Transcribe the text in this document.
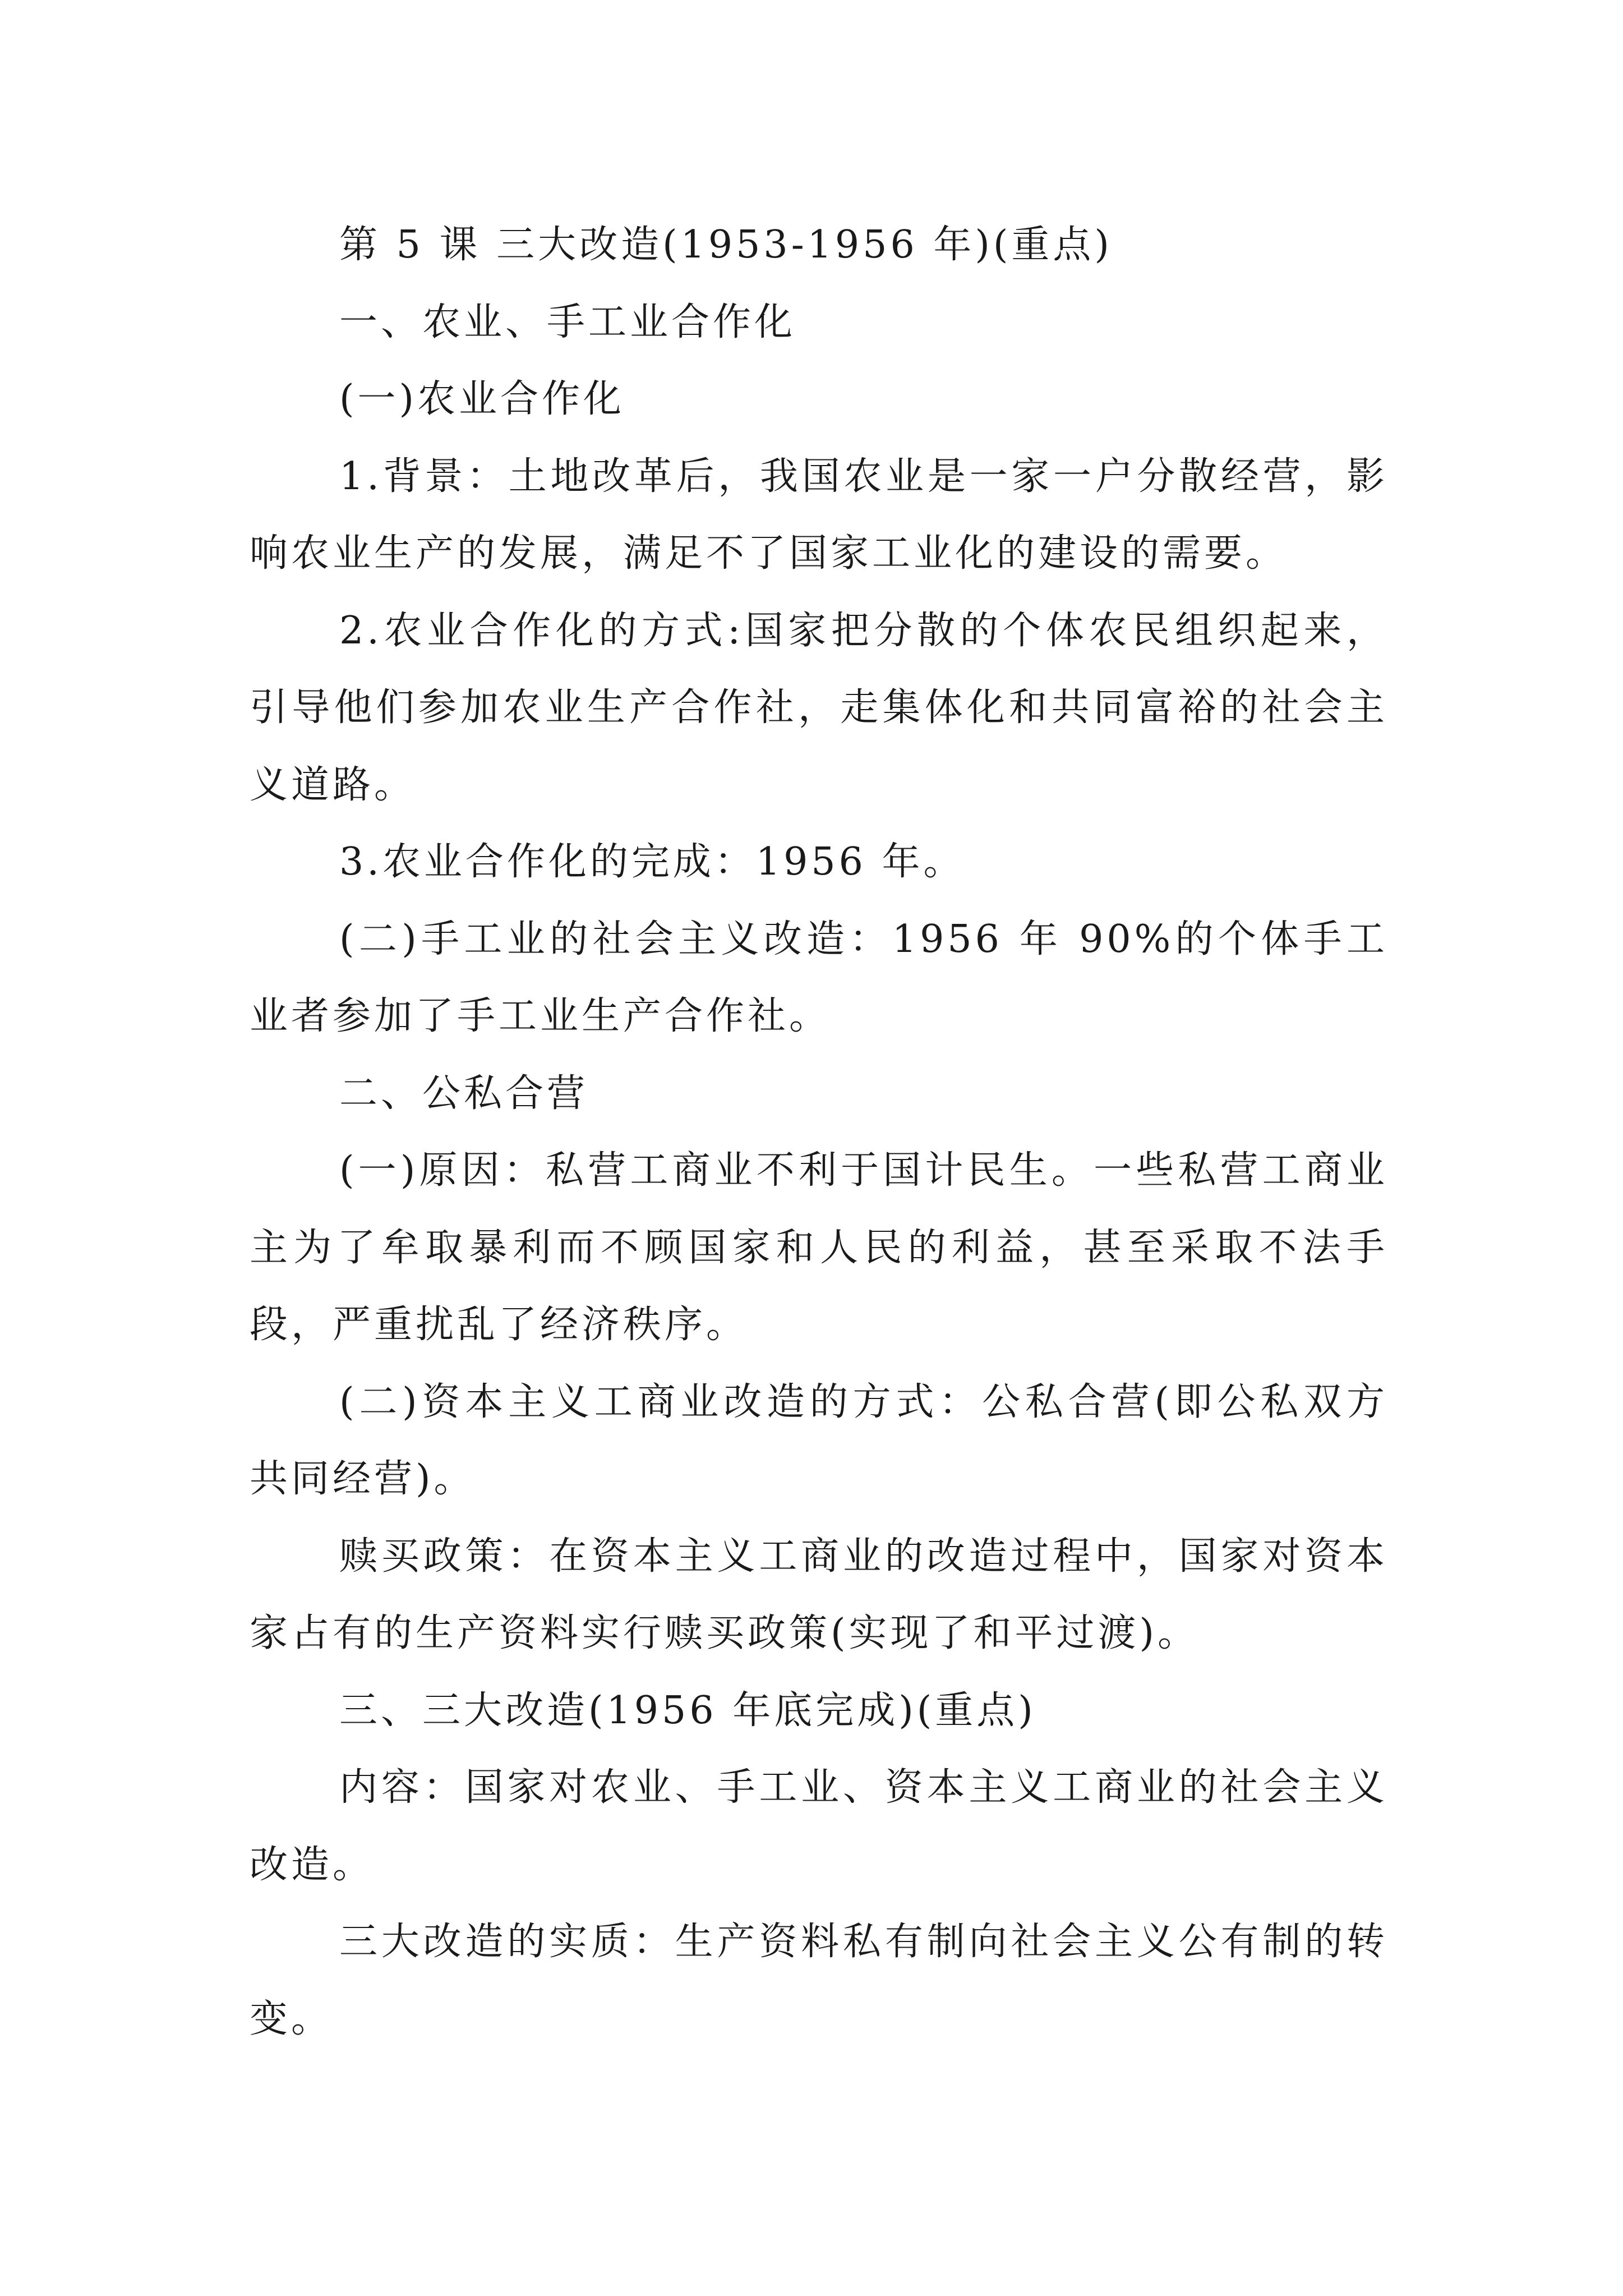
第 5 课 三大改造(1953-1956 年)(重点)

一、农业、手工业合作化

(一)农业合作化

1.背景：土地改革后，我国农业是一家一户分散经营，影响农业生产的发展，满足不了国家工业化的建设的需要。

2.农业合作化的方式:国家把分散的个体农民组织起来，引导他们参加农业生产合作社，走集体化和共同富裕的社会主义道路。

3.农业合作化的完成：1956 年。

(二)手工业的社会主义改造：1956 年 90%的个体手工业者参加了手工业生产合作社。

二、公私合营

(一)原因：私营工商业不利于国计民生。一些私营工商业主为了牟取暴利而不顾国家和人民的利益，甚至采取不法手段，严重扰乱了经济秩序。

(二)资本主义工商业改造的方式：公私合营(即公私双方共同经营)。

赎买政策：在资本主义工商业的改造过程中，国家对资本家占有的生产资料实行赎买政策(实现了和平过渡)。

三、三大改造(1956 年底完成)(重点)

内容：国家对农业、手工业、资本主义工商业的社会主义改造。

三大改造的实质：生产资料私有制向社会主义公有制的转变。
